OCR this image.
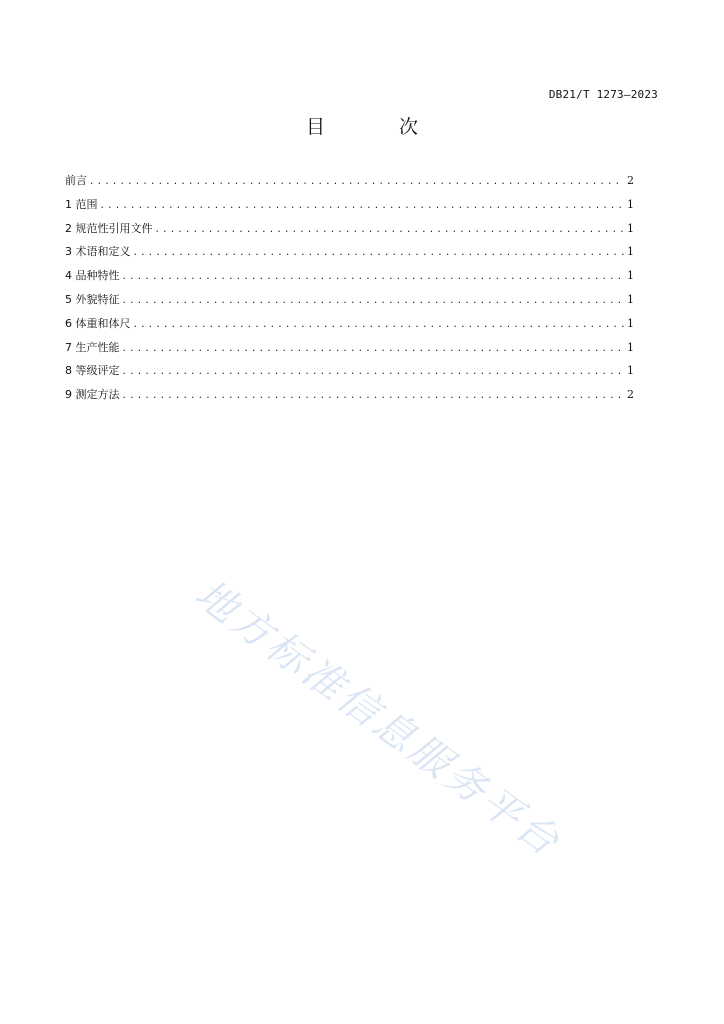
DB21/T 1273—2023
目 次
前言 .....	2
1 范围 .....	1
2 规范性引用文件 .....	1
3 术语和定义 .....	1
4 品种特性 .....	1
5 外貌特征 .....	1
6 体重和体尺 .....	1
7 生产性能 .....	1
8 等级评定 .....	1
9 测定方法 .....	2
地方标准信息服务平台
